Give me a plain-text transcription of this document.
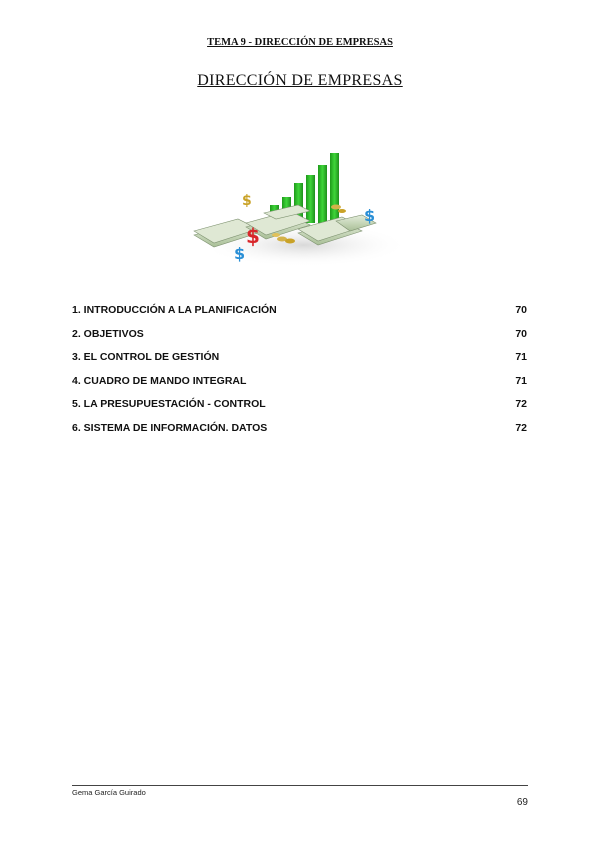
TEMA 9 - DIRECCIÓN DE EMPRESAS
DIRECCIÓN DE EMPRESAS
$
$
$
$
1. INTRODUCCIÓN A LA PLANIFICACIÓN	70
2. OBJETIVOS	70
3. EL CONTROL DE GESTIÓN	71
4. CUADRO DE MANDO INTEGRAL	71
5. LA PRESUPUESTACIÓN - CONTROL	72
6. SISTEMA DE INFORMACIÓN. DATOS	72
Gema García Guirado
69
